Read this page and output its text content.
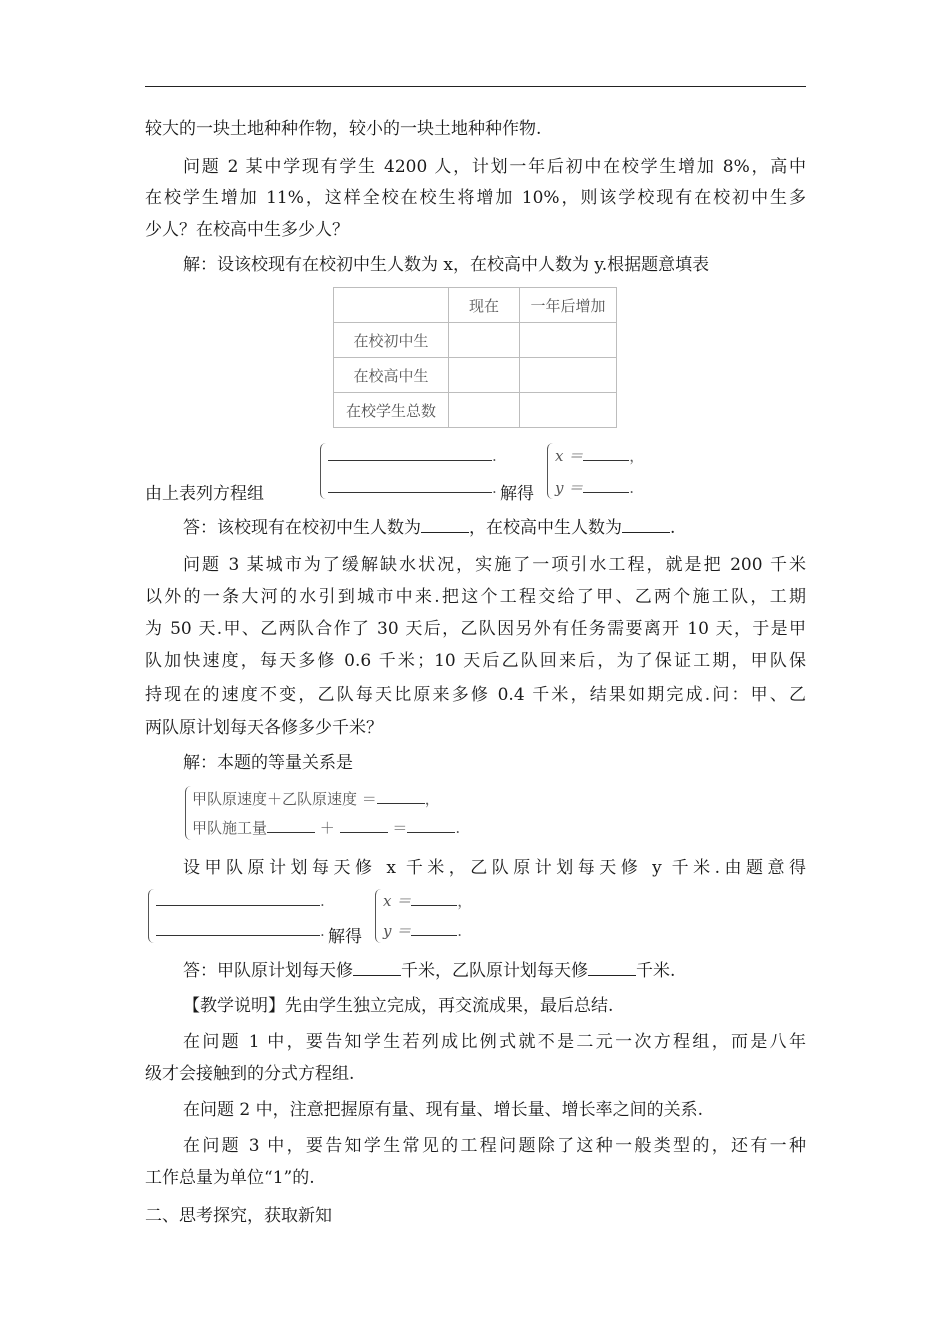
较大的一块土地种种作物，较小的一块土地种种作物.
问题 2 某中学现有学生 4200 人，计划一年后初中在校学生增加 8%，高中
在校学生增加 11%，这样全校在校生将增加 10%，则该学校现有在校初中生多
少人？在校高中生多少人？
解：设该校现有在校初中生人数为 x，在校高中人数为 y.根据题意填表
	现在	一年后增加
在校初中生		
在校高中生		
在校学生总数		
由上表列方程组
.
. 解得
x ＝	，
y ＝	.
答：该校现有在校初中生人数为	，在校高中生人数为	.
问题 3 某城市为了缓解缺水状况，实施了一项引水工程，就是把 200 千米
以外的一条大河的水引到城市中来.把这个工程交给了甲、乙两个施工队，工期
为 50 天.甲、乙两队合作了 30 天后，乙队因另外有任务需要离开 10 天，于是甲
队加快速度，每天多修 0.6 千米；10 天后乙队回来后，为了保证工期，甲队保
持现在的速度不变，乙队每天比原来多修 0.4 千米，结果如期完成.问：甲、乙
两队原计划每天各修多少千米？
解：本题的等量关系是
甲队原速度＋乙队原速度 ＝	，
甲队施工量	＋	＝	.
设甲队原计划每天修 x 千米，乙队原计划每天修 y 千米.由题意得
.
. 解得
x ＝	，
y ＝	.
答：甲队原计划每天修	千米，乙队原计划每天修	千米.
【教学说明】先由学生独立完成，再交流成果，最后总结.
在问题 1 中，要告知学生若列成比例式就不是二元一次方程组，而是八年
级才会接触到的分式方程组.
在问题 2 中，注意把握原有量、现有量、增长量、增长率之间的关系.
在问题 3 中，要告知学生常见的工程问题除了这种一般类型的，还有一种
工作总量为单位“1”的.
二、思考探究，获取新知
